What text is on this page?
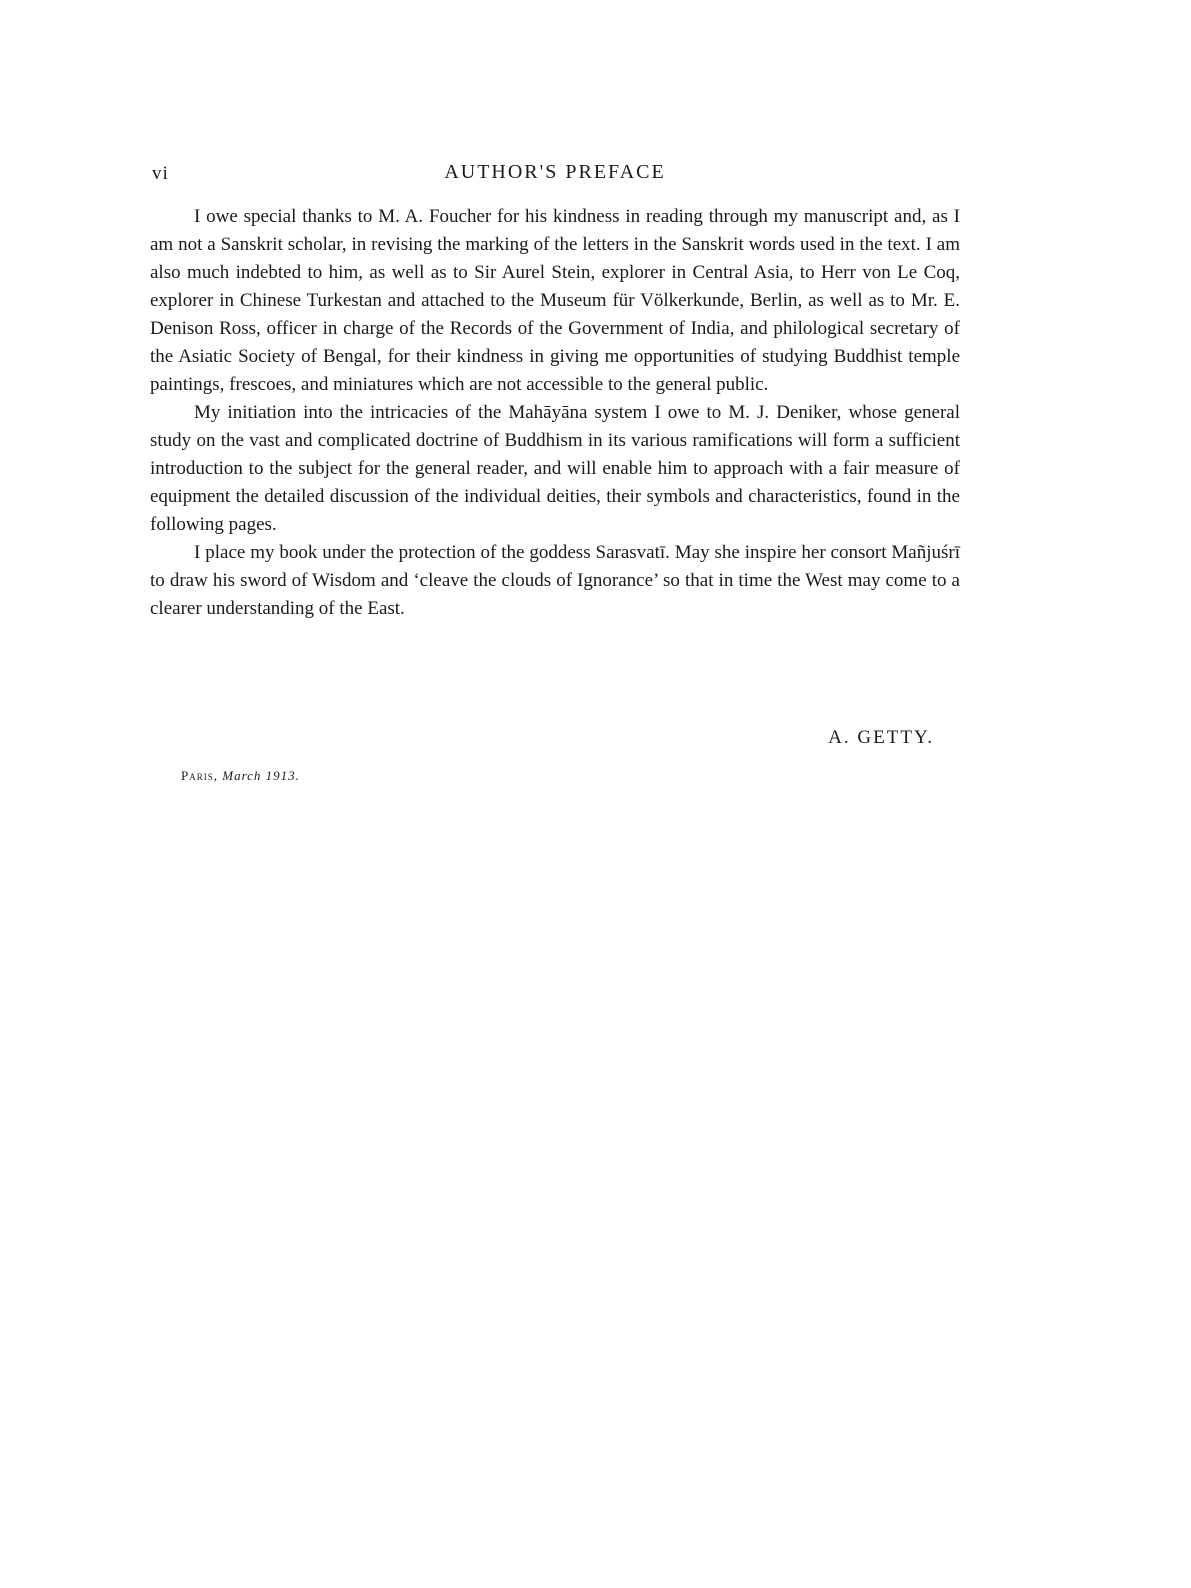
vi	AUTHOR'S PREFACE

I owe special thanks to M. A. Foucher for his kindness in reading through my manuscript and, as I am not a Sanskrit scholar, in revising the marking of the letters in the Sanskrit words used in the text. I am also much indebted to him, as well as to Sir Aurel Stein, explorer in Central Asia, to Herr von Le Coq, explorer in Chinese Turkestan and attached to the Museum für Völkerkunde, Berlin, as well as to Mr. E. Denison Ross, officer in charge of the Records of the Government of India, and philological secretary of the Asiatic Society of Bengal, for their kindness in giving me opportunities of studying Buddhist temple paintings, frescoes, and miniatures which are not accessible to the general public.

My initiation into the intricacies of the Mahāyāna system I owe to M. J. Deniker, whose general study on the vast and complicated doctrine of Buddhism in its various ramifications will form a sufficient introduction to the subject for the general reader, and will enable him to approach with a fair measure of equipment the detailed discussion of the individual deities, their symbols and characteristics, found in the following pages.

I place my book under the protection of the goddess Sarasvatī. May she inspire her consort Mañjuśrī to draw his sword of Wisdom and ‘cleave the clouds of Ignorance’ so that in time the West may come to a clearer understanding of the East.

A. GETTY.
Paris, March 1913.
